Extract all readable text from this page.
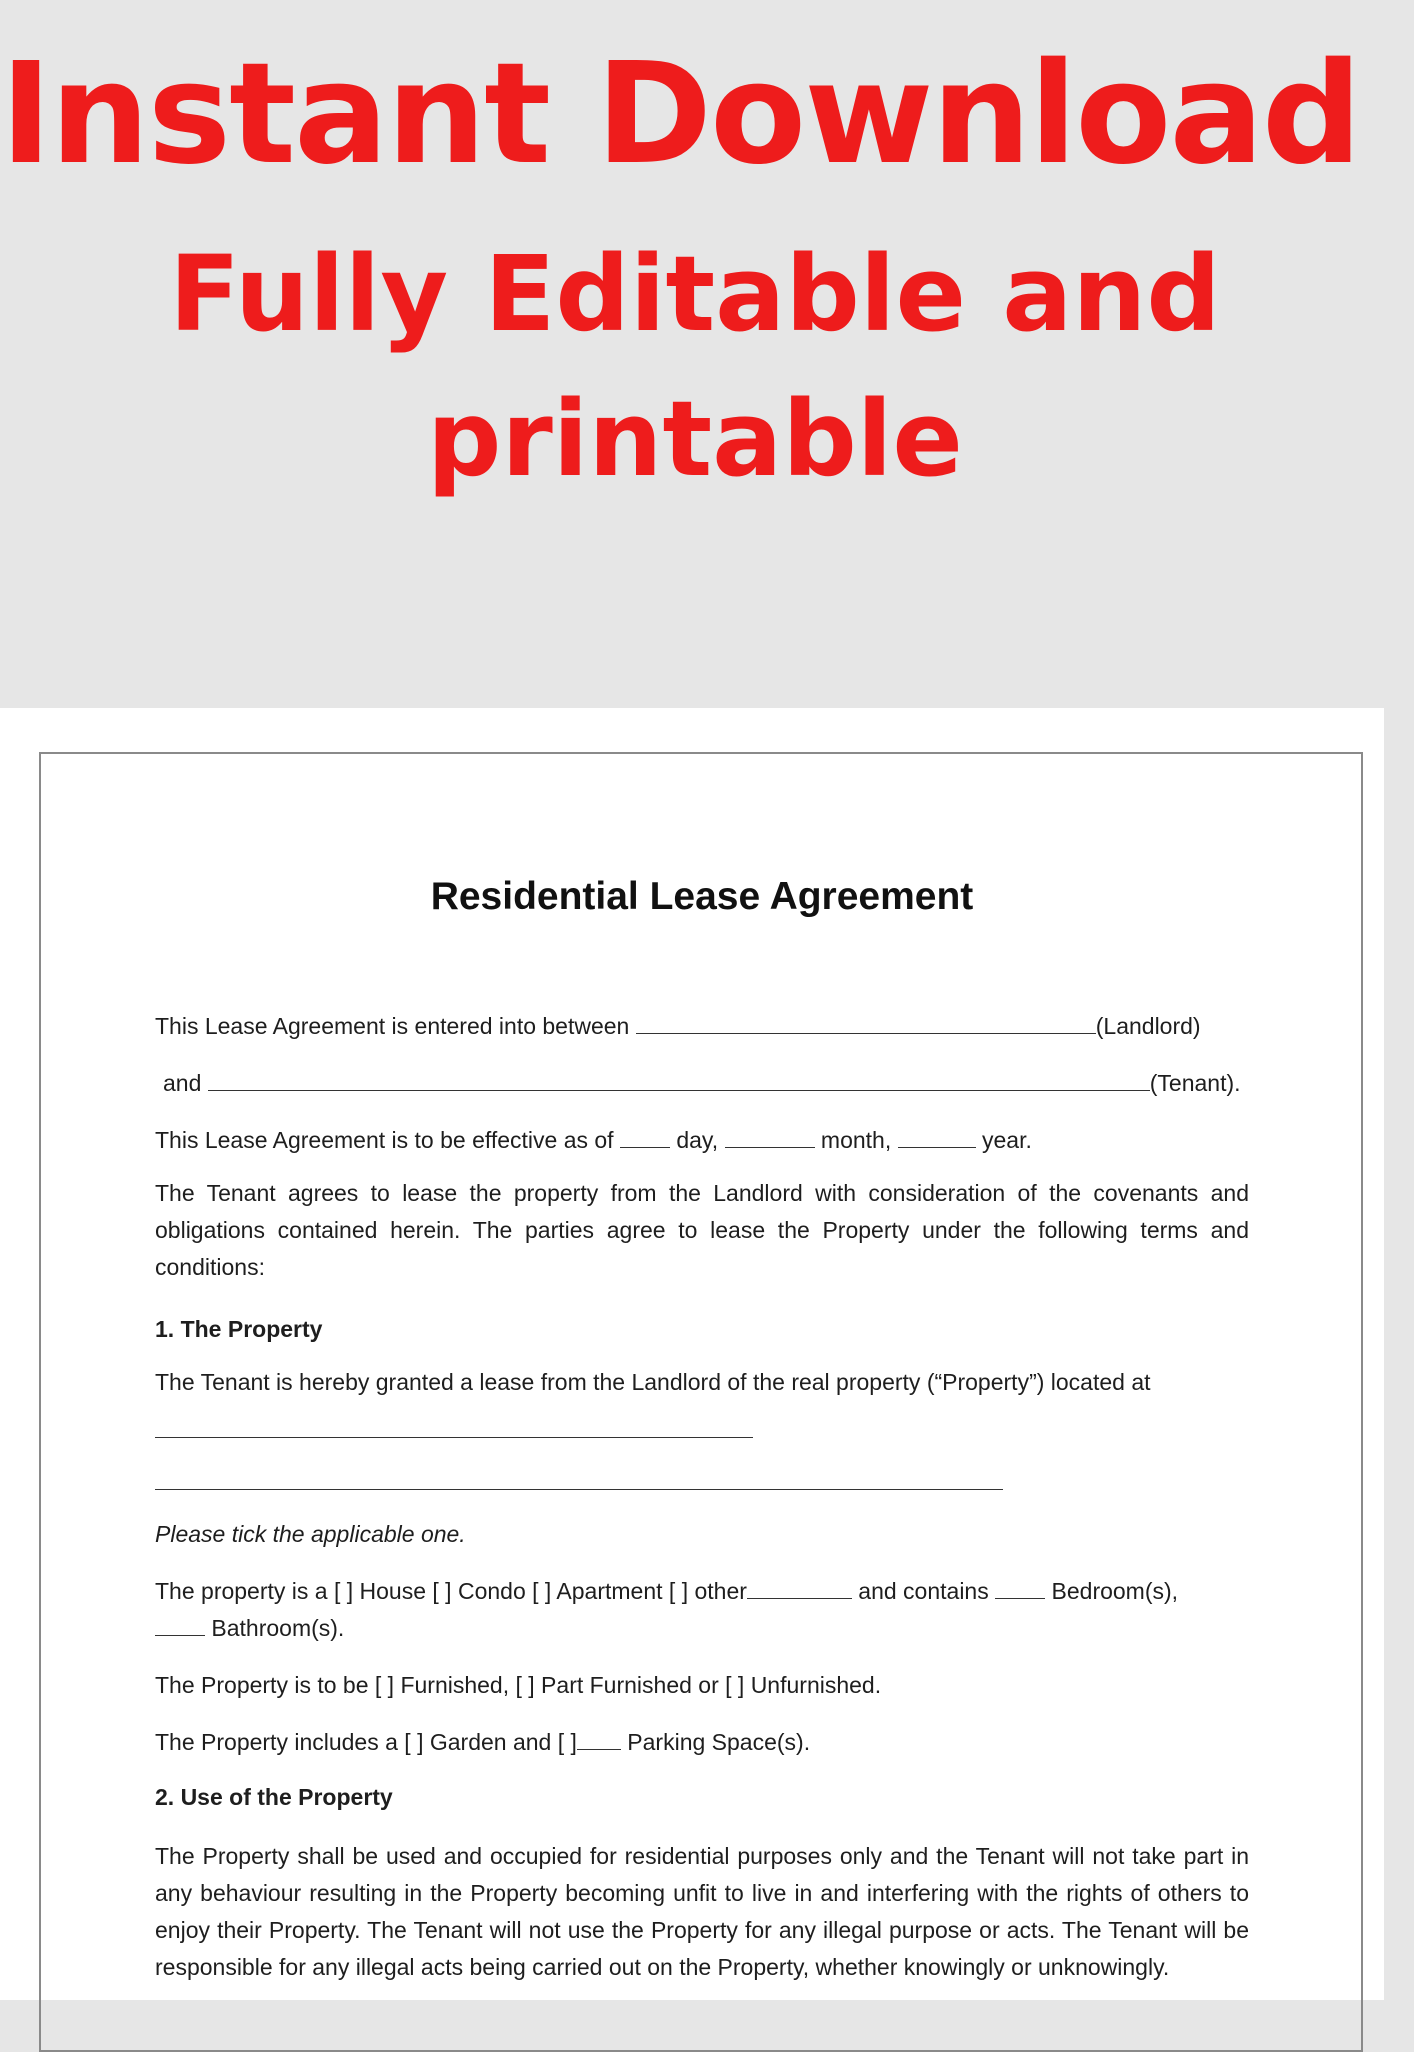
Instant Download
Fully Editable and
printable
Residential Lease Agreement
This Lease Agreement is entered into between	(Landlord)
and	(Tenant).
This Lease Agreement is to be effective as of	day,	month,	year.
The Tenant agrees to lease the property from the Landlord with consideration of the covenants and obligations contained herein. The parties agree to lease the Property under the following terms and conditions:
1. The Property
The Tenant is hereby granted a lease from the Landlord of the real property (“Property”) located at
Please tick the applicable one.
The property is a [ ] House [ ] Condo [ ] Apartment [ ] other	and contains	Bedroom(s),
Bathroom(s).
The Property is to be [ ] Furnished, [ ] Part Furnished or [ ] Unfurnished.
The Property includes a [ ] Garden and [ ] Parking Space(s).
2. Use of the Property
The Property shall be used and occupied for residential purposes only and the Tenant will not take part in any behaviour resulting in the Property becoming unfit to live in and interfering with the rights of others to enjoy their Property. The Tenant will not use the Property for any illegal purpose or acts. The Tenant will be responsible for any illegal acts being carried out on the Property, whether knowingly or unknowingly.
